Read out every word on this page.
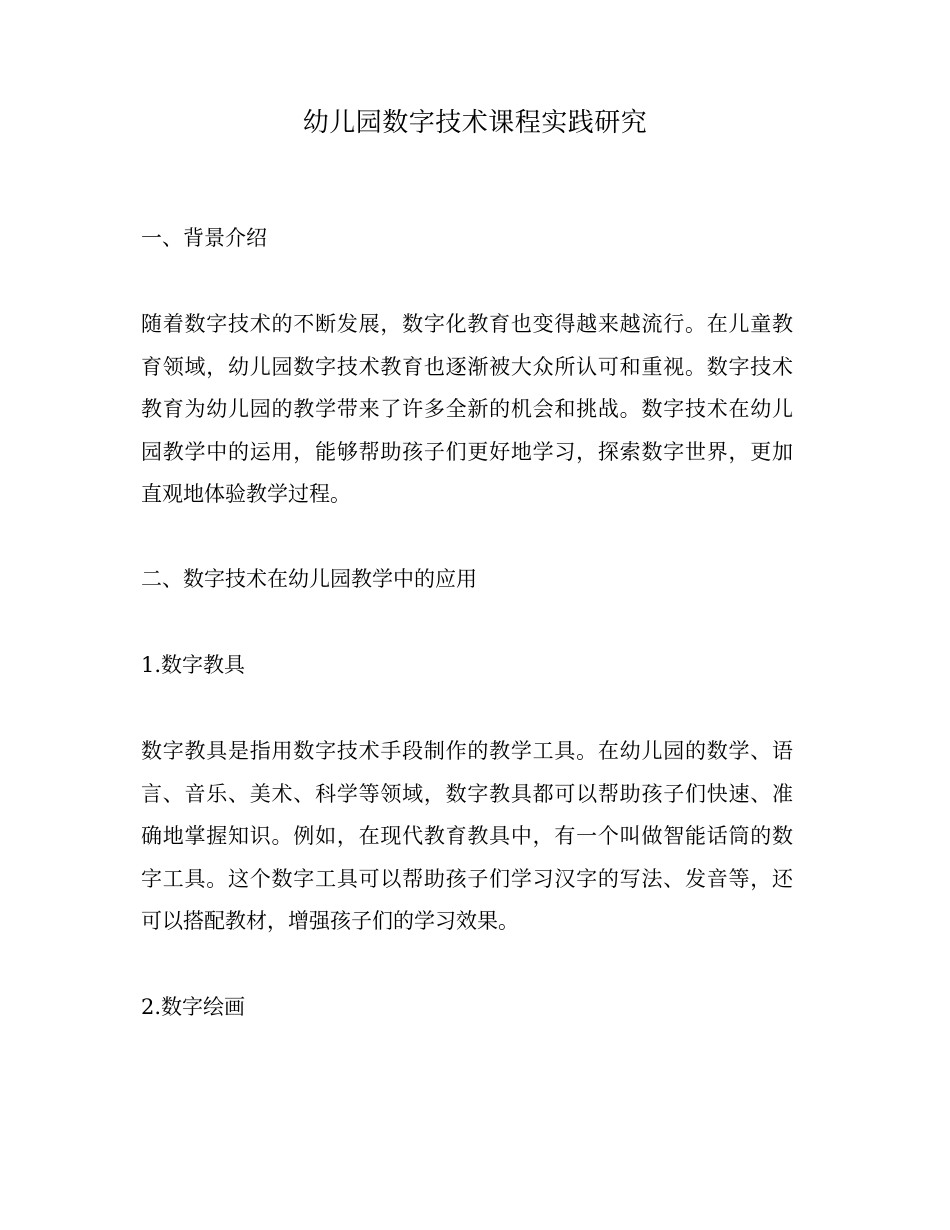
幼儿园数字技术课程实践研究
一、背景介绍
随着数字技术的不断发展，数字化教育也变得越来越流行。在儿童教
育领域，幼儿园数字技术教育也逐渐被大众所认可和重视。数字技术
教育为幼儿园的教学带来了许多全新的机会和挑战。数字技术在幼儿
园教学中的运用，能够帮助孩子们更好地学习，探索数字世界，更加
直观地体验教学过程。
二、数字技术在幼儿园教学中的应用
1.数字教具
数字教具是指用数字技术手段制作的教学工具。在幼儿园的数学、语
言、音乐、美术、科学等领域，数字教具都可以帮助孩子们快速、准
确地掌握知识。例如，在现代教育教具中，有一个叫做智能话筒的数
字工具。这个数字工具可以帮助孩子们学习汉字的写法、发音等，还
可以搭配教材，增强孩子们的学习效果。
2.数字绘画
